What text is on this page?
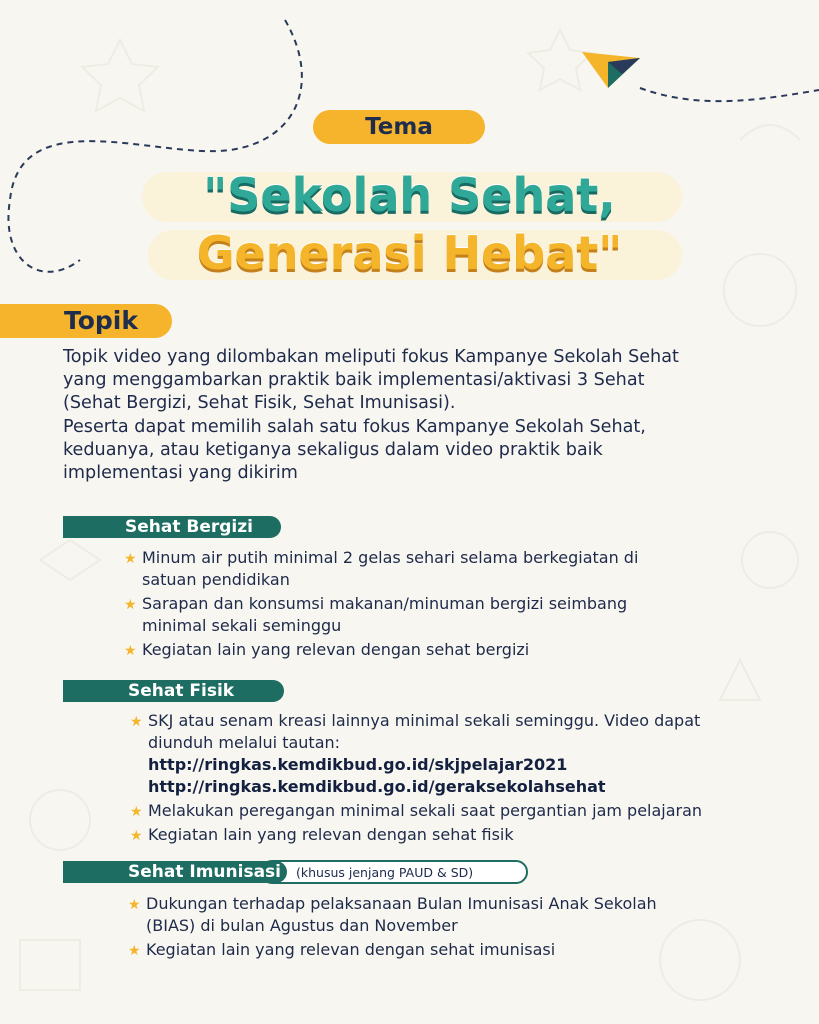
Tema
"Sekolah Sehat,
Generasi Hebat"
Topik

Topik video yang dilombakan meliputi fokus Kampanye Sekolah Sehat

yang menggambarkan praktik baik implementasi/aktivasi 3 Sehat

(Sehat Bergizi, Sehat Fisik, Sehat Imunisasi).

Peserta dapat memilih salah satu fokus Kampanye Sekolah Sehat,

keduanya, atau ketiganya sekaligus dalam video praktik baik

implementasi yang dikirim

Sehat Bergizi
★ Minum air putih minimal 2 gelas sehari selama berkegiatan di
satuan pendidikan
★ Sarapan dan konsumsi makanan/minuman bergizi seimbang
minimal sekali seminggu
★ Kegiatan lain yang relevan dengan sehat bergizi
Sehat Fisik
★ SKJ atau senam kreasi lainnya minimal sekali seminggu. Video dapat
diunduh melalui tautan:
http://ringkas.kemdikbud.go.id/skjpelajar2021
http://ringkas.kemdikbud.go.id/geraksekolahsehat
★ Melakukan peregangan minimal sekali saat pergantian jam pelajaran
★ Kegiatan lain yang relevan dengan sehat fisik
Sehat Imunisasi (khusus jenjang PAUD & SD)
★ Dukungan terhadap pelaksanaan Bulan Imunisasi Anak Sekolah
(BIAS) di bulan Agustus dan November
★ Kegiatan lain yang relevan dengan sehat imunisasi
